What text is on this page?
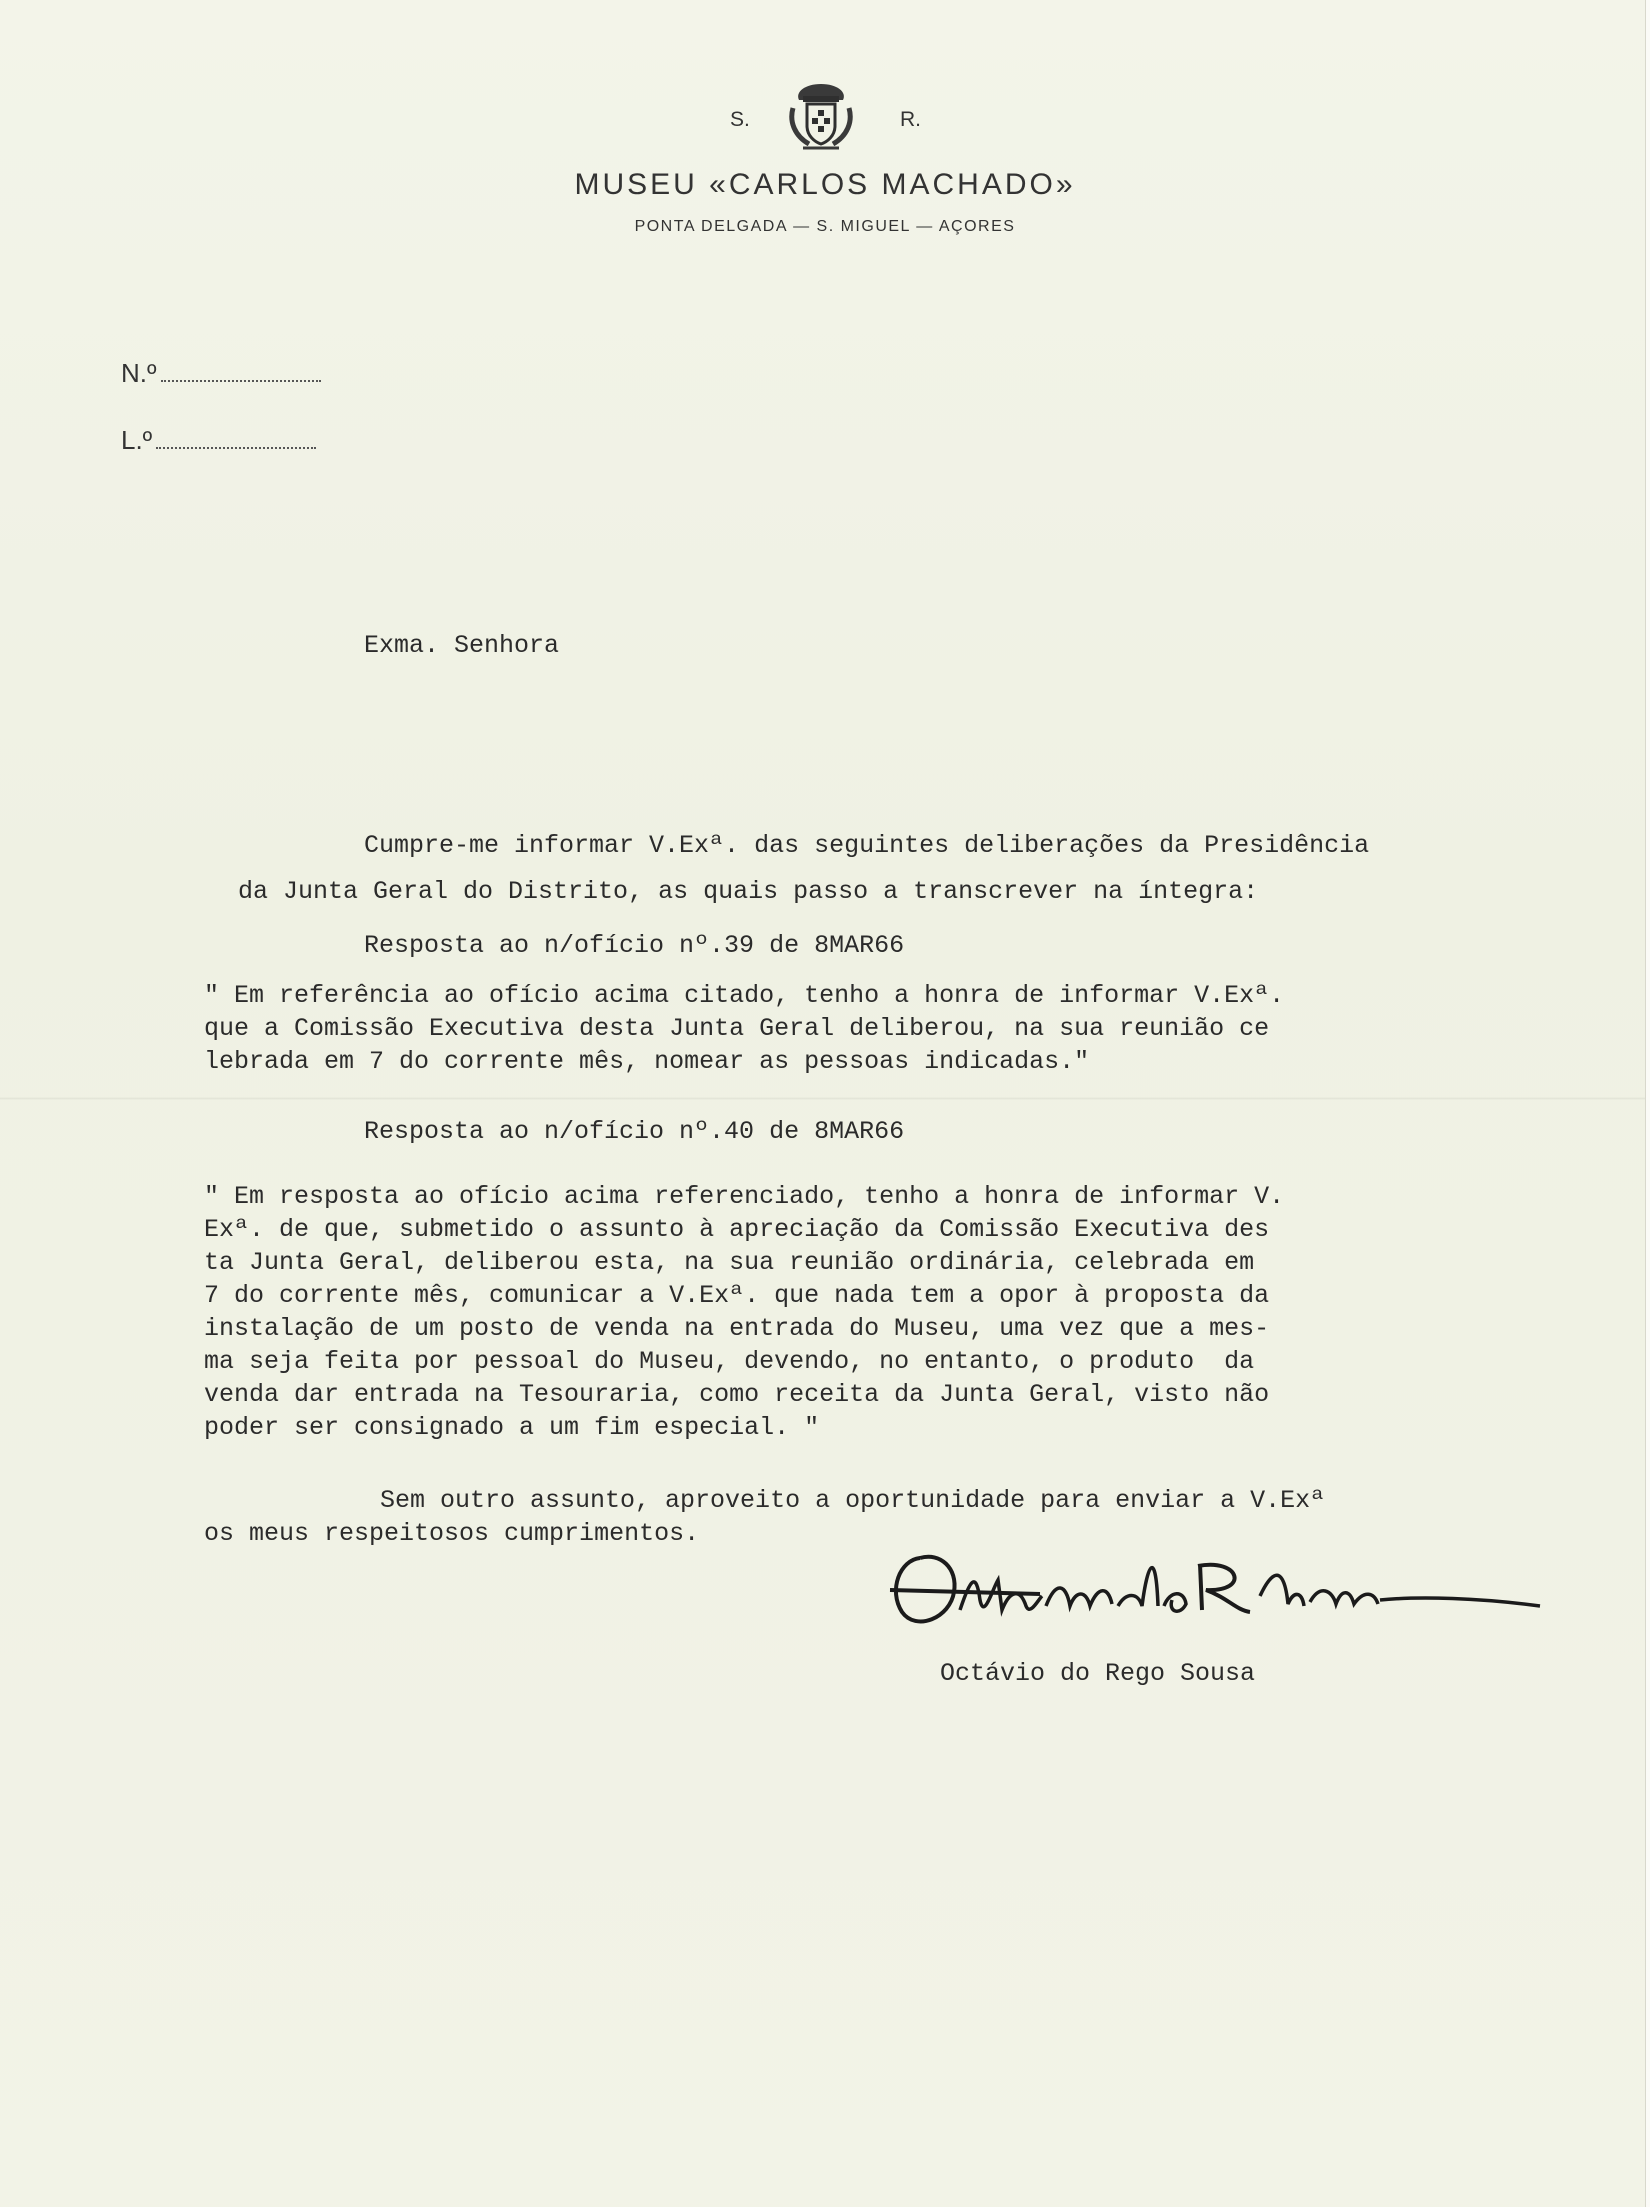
S.	R.
MUSEU «CARLOS MACHADO»
PONTA DELGADA — S. MIGUEL — AÇORES
N.º
L.º
Exma. Senhora
Cumpre-me informar V.Exª. das seguintes deliberações da Presidência
da Junta Geral do Distrito, as quais passo a transcrever na íntegra:
Resposta ao n/ofício nº.39 de 8MAR66
" Em referência ao ofício acima citado, tenho a honra de informar V.Exª.
que a Comissão Executiva desta Junta Geral deliberou, na sua reunião ce
lebrada em 7 do corrente mês, nomear as pessoas indicadas."
Resposta ao n/ofício nº.40 de 8MAR66
" Em resposta ao ofício acima referenciado, tenho a honra de informar V.
Exª. de que, submetido o assunto à apreciação da Comissão Executiva des
ta Junta Geral, deliberou esta, na sua reunião ordinária, celebrada em
7 do corrente mês, comunicar a V.Exª. que nada tem a opor à proposta da
instalação de um posto de venda na entrada do Museu, uma vez que a mes-
ma seja feita por pessoal do Museu, devendo, no entanto, o produto  da
venda dar entrada na Tesouraria, como receita da Junta Geral, visto não
poder ser consignado a um fim especial. "
Sem outro assunto, aproveito a oportunidade para enviar a V.Exª
os meus respeitosos cumprimentos.	Octávio do Rego Sousa
Octávio do Rego Sousa
